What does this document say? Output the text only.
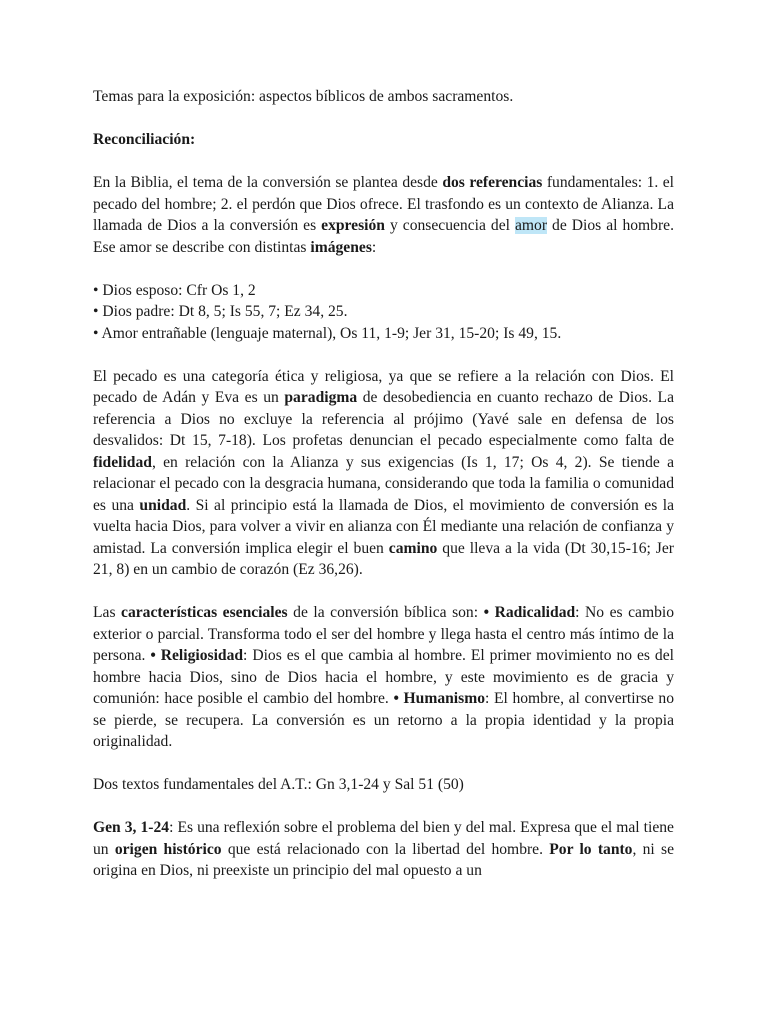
Temas para la exposición: aspectos bíblicos de ambos sacramentos.

Reconciliación:

En la Biblia, el tema de la conversión se plantea desde dos referencias fundamentales: 1. el pecado del hombre; 2. el perdón que Dios ofrece. El trasfondo es un contexto de Alianza. La llamada de Dios a la conversión es expresión y consecuencia del amor de Dios al hombre. Ese amor se describe con distintas imágenes:

• Dios esposo: Cfr Os 1, 2
• Dios padre: Dt 8, 5; Is 55, 7; Ez 34, 25.
• Amor entrañable (lenguaje maternal), Os 11, 1-9; Jer 31, 15-20; Is 49, 15.

El pecado es una categoría ética y religiosa, ya que se refiere a la relación con Dios. El pecado de Adán y Eva es un paradigma de desobediencia en cuanto rechazo de Dios. La referencia a Dios no excluye la referencia al prójimo (Yavé sale en defensa de los desvalidos: Dt 15, 7-18). Los profetas denuncian el pecado especialmente como falta de fidelidad, en relación con la Alianza y sus exigencias (Is 1, 17; Os 4, 2). Se tiende a relacionar el pecado con la desgracia humana, considerando que toda la familia o comunidad es una unidad. Si al principio está la llamada de Dios, el movimiento de conversión es la vuelta hacia Dios, para volver a vivir en alianza con Él mediante una relación de confianza y amistad. La conversión implica elegir el buen camino que lleva a la vida (Dt 30,15-16; Jer 21, 8) en un cambio de corazón (Ez 36,26).

Las características esenciales de la conversión bíblica son: • Radicalidad: No es cambio exterior o parcial. Transforma todo el ser del hombre y llega hasta el centro más íntimo de la persona. • Religiosidad: Dios es el que cambia al hombre. El primer movimiento no es del hombre hacia Dios, sino de Dios hacia el hombre, y este movimiento es de gracia y comunión: hace posible el cambio del hombre. • Humanismo: El hombre, al convertirse no se pierde, se recupera. La conversión es un retorno a la propia identidad y la propia originalidad.

Dos textos fundamentales del A.T.: Gn 3,1-24 y Sal 51 (50)

Gen 3, 1-24: Es una reflexión sobre el problema del bien y del mal. Expresa que el mal tiene un origen histórico que está relacionado con la libertad del hombre. Por lo tanto, ni se origina en Dios, ni preexiste un principio del mal opuesto a un
